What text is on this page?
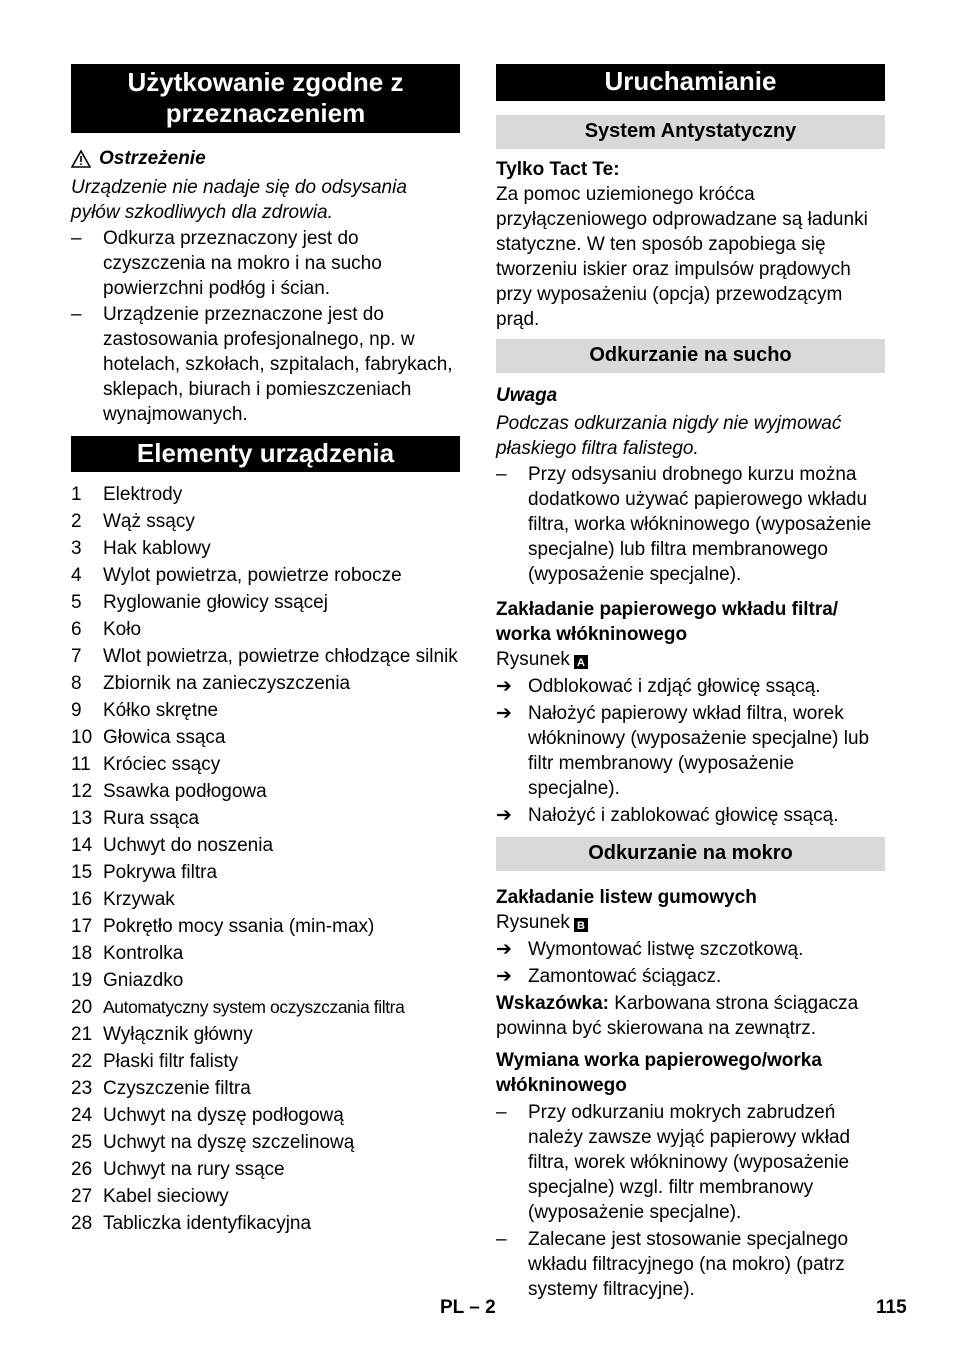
Użytkowanie zgodne z przeznaczeniem
Ostrzeżenie

Urządzenie nie nadaje się do odsysania pyłów szkodliwych dla zdrowia.

–	Odkurza przeznaczony jest do czyszczenia na mokro i na sucho powierzchni podłóg i ścian.
–	Urządzenie przeznaczone jest do zastosowania profesjonalnego, np. w hotelach, szkołach, szpitalach, fabrykach, sklepach, biurach i pomieszczeniach wynajmowanych.
Elementy urządzenia
1 Elektrody
2 Wąż ssący
3 Hak kablowy
4 Wylot powietrza, powietrze robocze
5 Ryglowanie głowicy ssącej
6 Koło
7 Wlot powietrza, powietrze chłodzące silnik
8 Zbiornik na zanieczyszczenia
9 Kółko skrętne
10 Głowica ssąca
11 Króciec ssący
12 Ssawka podłogowa
13 Rura ssąca
14 Uchwyt do noszenia
15 Pokrywa filtra
16 Krzywak
17 Pokrętło mocy ssania (min-max)
18 Kontrolka
19 Gniazdko
20 Automatyczny system oczyszczania filtra
21 Wyłącznik główny
22 Płaski filtr falisty
23 Czyszczenie filtra
24 Uchwyt na dyszę podłogową
25 Uchwyt na dyszę szczelinową
26 Uchwyt na rury ssące
27 Kabel sieciowy
28 Tabliczka identyfikacyjna
Uruchamianie
System Antystatyczny
Tylko Tact Te:

Za pomoc uziemionego króćca przyłączeniowego odprowadzane są ładunki statyczne. W ten sposób zapobiega się tworzeniu iskier oraz impulsów prądowych przy wyposażeniu (opcja) przewodzącym prąd.

Odkurzanie na sucho
Uwaga

Podczas odkurzania nigdy nie wyjmować płaskiego filtra falistego.

–	Przy odsysaniu drobnego kurzu można dodatkowo używać papierowego wkładu filtra, worka włókninowego (wyposażenie specjalne) lub filtra membranowego (wyposażenie specjalne).
Zakładanie papierowego wkładu filtra/ worka włókninowego
Rysunek A
➔ Odblokować i zdjąć głowicę ssącą.
➔ Nałożyć papierowy wkład filtra, worek włókninowy (wyposażenie specjalne) lub filtr membranowy (wyposażenie specjalne).
➔ Nałożyć i zablokować głowicę ssącą.
Odkurzanie na mokro
Zakładanie listew gumowych
Rysunek B
➔ Wymontować listwę szczotkową.
➔ Zamontować ściągacz.

Wskazówka: Karbowana strona ściągacza powinna być skierowana na zewnątrz.

Wymiana worka papierowego/worka włókninowego
–	Przy odkurzaniu mokrych zabrudzeń należy zawsze wyjąć papierowy wkład filtra, worek włókninowy (wyposażenie specjalne) wzgl. filtr membranowy (wyposażenie specjalne).
–	Zalecane jest stosowanie specjalnego wkładu filtracyjnego (na mokro) (patrz systemy filtracyjne).
PL – 2	115
